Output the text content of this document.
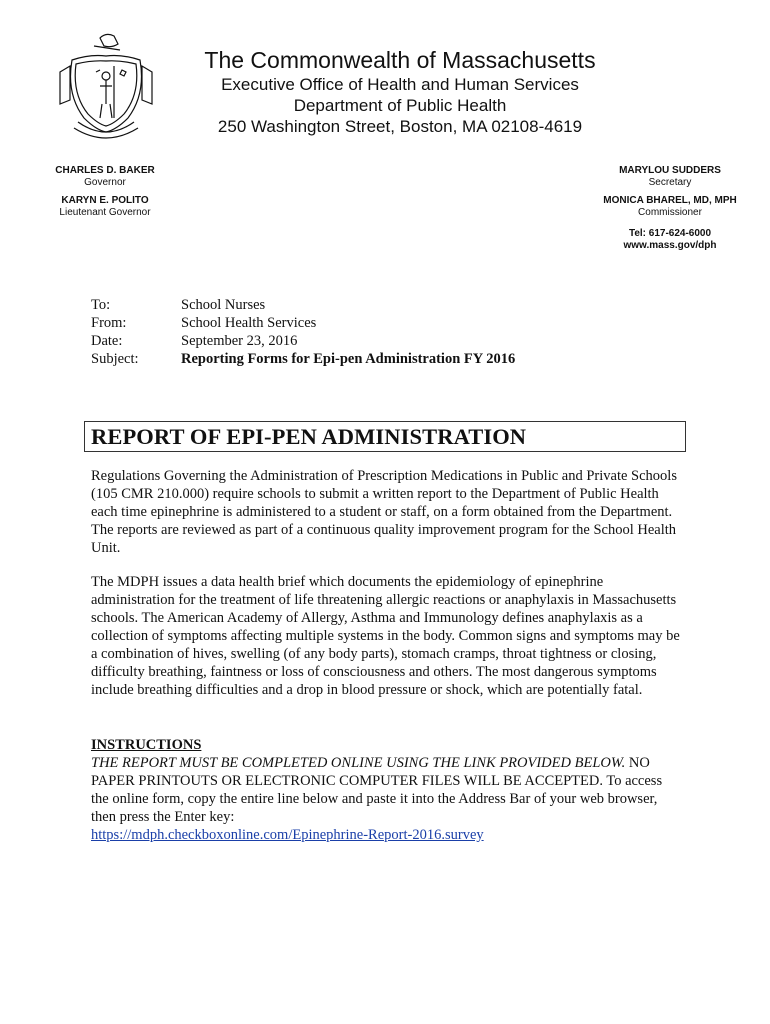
The Commonwealth of Massachusetts
Executive Office of Health and Human Services
Department of Public Health
250 Washington Street, Boston, MA 02108-4619
CHARLES D. BAKER
Governor
KARYN E. POLITO
Lieutenant Governor
MARYLOU SUDDERS
Secretary
MONICA BHAREL, MD, MPH
Commissioner
Tel: 617-624-6000
www.mass.gov/dph
To:	School Nurses
From:	School Health Services
Date:	September 23, 2016
Subject:	Reporting Forms for Epi-pen Administration FY 2016
REPORT OF EPI-PEN ADMINISTRATION
Regulations Governing the Administration of Prescription Medications in Public and Private Schools (105 CMR 210.000) require schools to submit a written report to the Department of Public Health each time epinephrine is administered to a student or staff, on a form obtained from the Department. The reports are reviewed as part of a continuous quality improvement program for the School Health Unit.
The MDPH issues a data health brief which documents the epidemiology of epinephrine administration for the treatment of life threatening allergic reactions or anaphylaxis in Massachusetts schools. The American Academy of Allergy, Asthma and Immunology defines anaphylaxis as a collection of symptoms affecting multiple systems in the body. Common signs and symptoms may be a combination of hives, swelling (of any body parts), stomach cramps, throat tightness or closing, difficulty breathing, faintness or loss of consciousness and others. The most dangerous symptoms include breathing difficulties and a drop in blood pressure or shock, which are potentially fatal.
INSTRUCTIONS
THE REPORT MUST BE COMPLETED ONLINE USING THE LINK PROVIDED BELOW. NO PAPER PRINTOUTS OR ELECTRONIC COMPUTER FILES WILL BE ACCEPTED. To access the online form, copy the entire line below and paste it into the Address Bar of your web browser, then press the Enter key:
https://mdph.checkboxonline.com/Epinephrine-Report-2016.survey
